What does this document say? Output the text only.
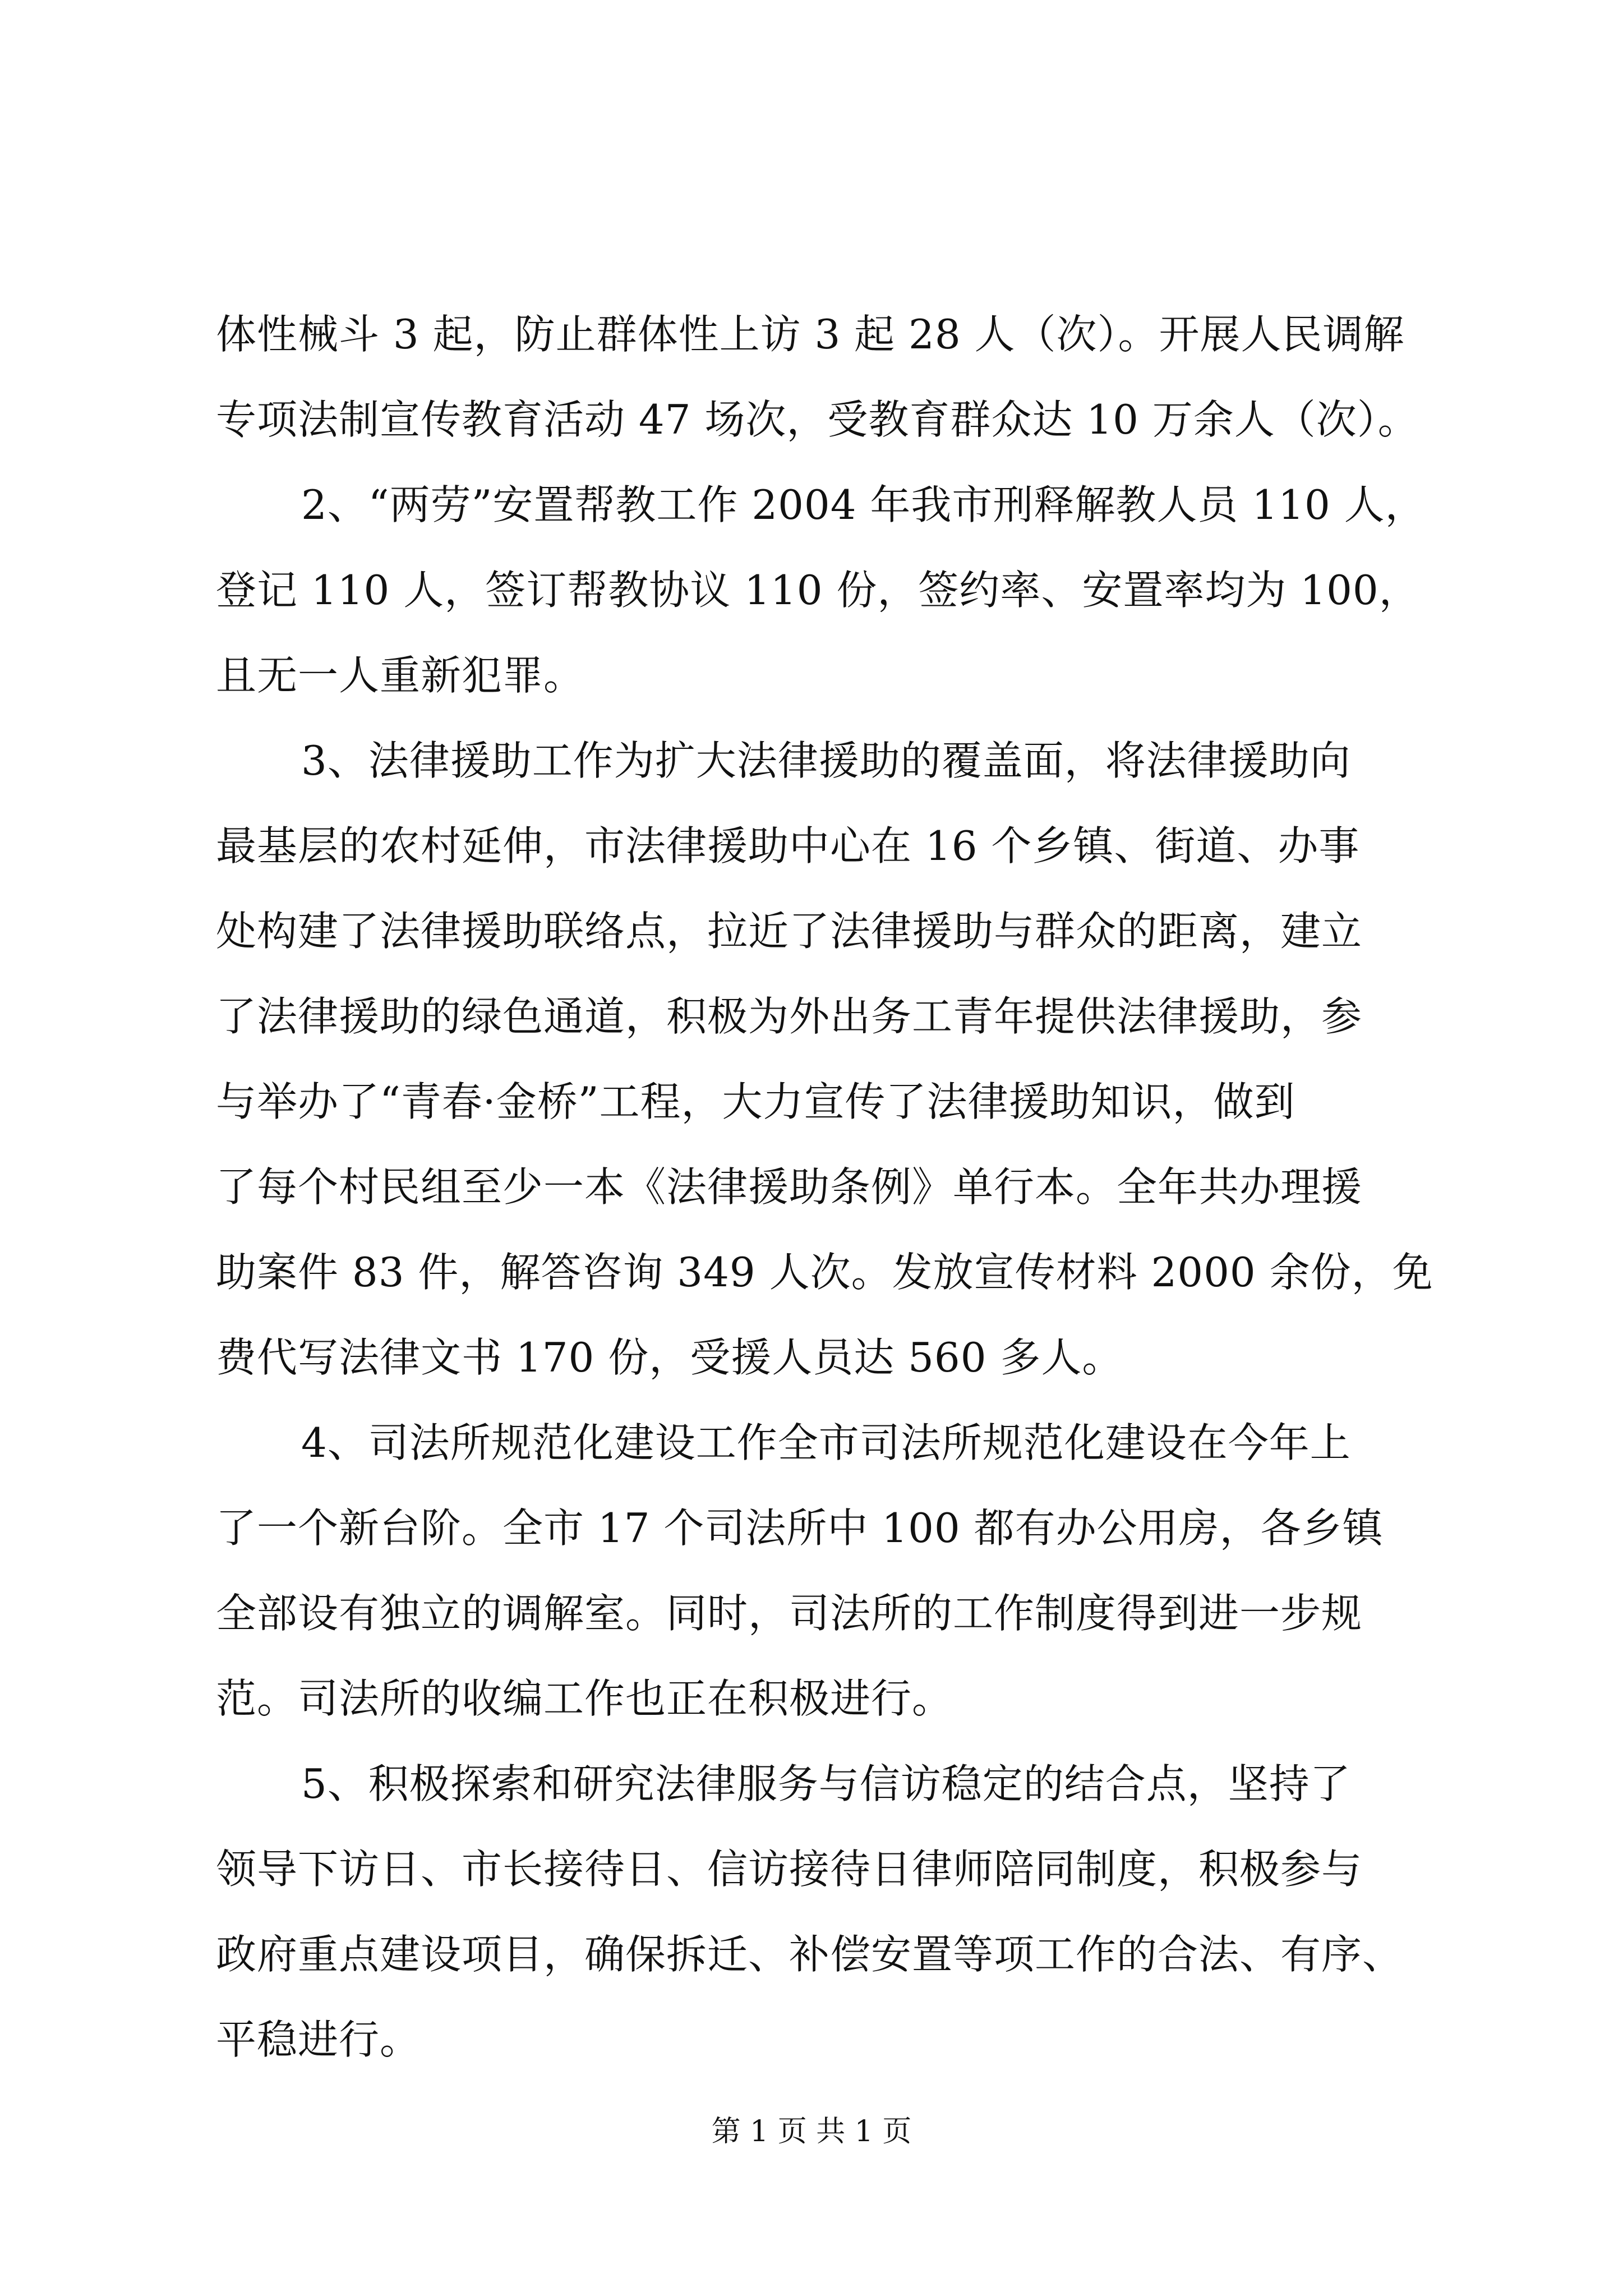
体性械斗 3 起，防止群体性上访 3 起 28 人（次）。开展人民调解
专项法制宣传教育活动 47 场次，受教育群众达 10 万余人（次）。
2、“两劳”安置帮教工作 2004 年我市刑释解教人员 110 人，
登记 110 人，签订帮教协议 110 份，签约率、安置率均为 100，
且无一人重新犯罪。
3、法律援助工作为扩大法律援助的覆盖面，将法律援助向
最基层的农村延伸，市法律援助中心在 16 个乡镇、街道、办事
处构建了法律援助联络点，拉近了法律援助与群众的距离，建立
了法律援助的绿色通道，积极为外出务工青年提供法律援助，参
与举办了“青春·金桥”工程，大力宣传了法律援助知识，做到
了每个村民组至少一本《法律援助条例》单行本。全年共办理援
助案件 83 件，解答咨询 349 人次。发放宣传材料 2000 余份，免
费代写法律文书 170 份，受援人员达 560 多人。
4、司法所规范化建设工作全市司法所规范化建设在今年上
了一个新台阶。全市 17 个司法所中 100 都有办公用房，各乡镇
全部设有独立的调解室。同时，司法所的工作制度得到进一步规
范。司法所的收编工作也正在积极进行。
5、积极探索和研究法律服务与信访稳定的结合点，坚持了
领导下访日、市长接待日、信访接待日律师陪同制度，积极参与
政府重点建设项目，确保拆迁、补偿安置等项工作的合法、有序、
平稳进行。
第 1 页 共 1 页
